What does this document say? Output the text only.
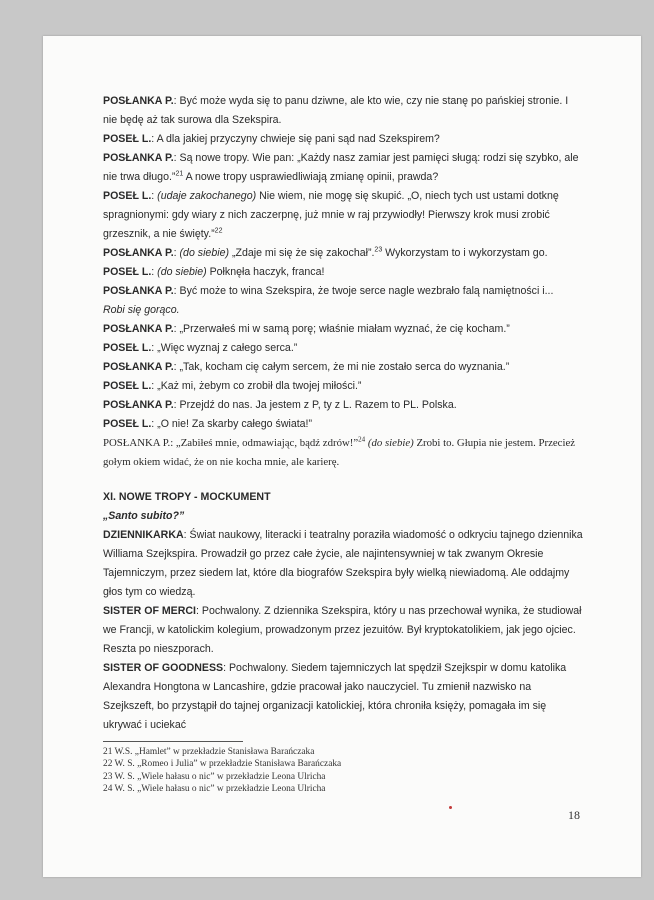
POSŁANKA P.: Być może wyda się to panu dziwne, ale kto wie, czy nie stanę po pańskiej stronie. I nie będę aż tak surowa dla Szekspira.

POSEŁ L.: A dla jakiej przyczyny chwieje się pani sąd nad Szekspirem?

POSŁANKA P.: Są nowe tropy. Wie pan: „Każdy nasz zamiar jest pamięci sługą: rodzi się szybko, ale nie trwa długo.”$^{21}$ A nowe tropy usprawiedliwiają zmianę opinii, prawda?

POSEŁ L.: (udaje zakochanego) Nie wiem, nie mogę się skupić. „O, niech tych ust ustami dotknę spragnionymi: gdy wiary z nich zaczerpnę, już mnie w raj przywiodły! Pierwszy krok musi zrobić grzesznik, a nie święty.”$^{22}$

POSŁANKA P.: (do siebie) „Zdaje mi się że się zakochał”.$^{23}$ Wykorzystam to i wykorzystam go.

POSEŁ L.: (do siebie) Połknęła haczyk, franca!

POSŁANKA P.: Być może to wina Szekspira, że twoje serce nagle wezbrało falą namiętności i...

Robi się gorąco.

POSŁANKA P.: „Przerwałeś mi w samą porę; właśnie miałam wyznać, że cię kocham.”

POSEŁ L.: „Więc wyznaj z całego serca.”

POSŁANKA P.: „Tak, kocham cię całym sercem, że mi nie zostało serca do wyznania.”

POSEŁ L.: „Każ mi, żebym co zrobił dla twojej miłości.”

POSŁANKA P.: Przejdź do nas. Ja jestem z P, ty z L. Razem to PL. Polska.

POSEŁ L.: „O nie! Za skarby całego świata!”

POSŁANKA P.: „Zabiłeś mnie, odmawiając, bądź zdrów!”$^{24}$ (do siebie) Zrobi to. Głupia nie jestem. Przecież gołym okiem widać, że on nie kocha mnie, ale karierę.

XI. NOWE TROPY - MOCKUMENT

„Santo subito?”

DZIENNIKARKA: Świat naukowy, literacki i teatralny poraziła wiadomość o odkryciu tajnego dziennika Williama Szejkspira. Prowadził go przez całe życie, ale najintensywniej w tak zwanym Okresie Tajemniczym, przez siedem lat, które dla biografów Szekspira były wielką niewiadomą. Ale oddajmy głos tym co wiedzą.

SISTER OF MERCI: Pochwalony. Z dziennika Szekspira, który u nas przechował wynika, że studiował we Francji, w katolickim kolegium, prowadzonym przez jezuitów. Był kryptokatolikiem, jak jego ojciec. Reszta po nieszporach.

SISTER OF GOODNESS: Pochwalony. Siedem tajemniczych lat spędził Szejkspir w domu katolika Alexandra Hongtona w Lancashire, gdzie pracował jako nauczyciel. Tu zmienił nazwisko na Szejkszeft, bo przystąpił do tajnej organizacji katolickiej, która chroniła księży, pomagała im się ukrywać i uciekać

21 W.S. „Hamlet” w przekładzie Stanisława Barańczaka
22 W. S. „Romeo i Julia” w przekładzie Stanisława Barańczaka
23 W. S. „Wiele hałasu o nic” w przekładzie Leona Ulricha
24 W. S. „Wiele hałasu o nic” w przekładzie Leona Ulricha
18
